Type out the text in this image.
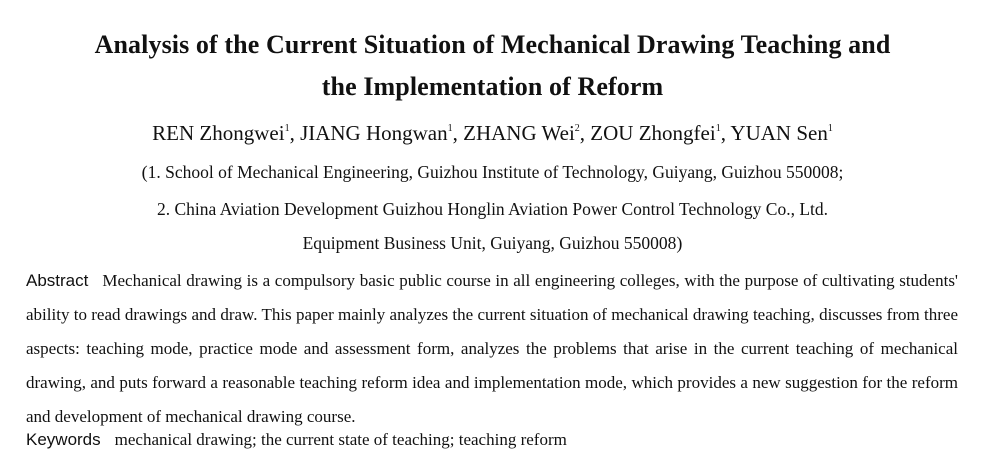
Analysis of the Current Situation of Mechanical Drawing Teaching and
the Implementation of Reform
REN Zhongwei$^1$, JIANG Hongwan$^1$, ZHANG Wei$^2$, ZOU Zhongfei$^1$, YUAN Sen$^1$
(1. School of Mechanical Engineering, Guizhou Institute of Technology, Guiyang, Guizhou 550008;
2. China Aviation Development Guizhou Honglin Aviation Power Control Technology Co., Ltd.
Equipment Business Unit, Guiyang, Guizhou 550008)
Abstract Mechanical drawing is a compulsory basic public course in all engineering colleges, with the purpose of cultivating students' ability to read drawings and draw. This paper mainly analyzes the current situation of mechanical drawing teaching, discusses from three aspects: teaching mode, practice mode and assessment form, analyzes the problems that arise in the current teaching of mechanical drawing, and puts forward a reasonable teaching reform idea and implementation mode, which provides a new suggestion for the reform and development of mechanical drawing course.
Keywords mechanical drawing; the current state of teaching; teaching reform
